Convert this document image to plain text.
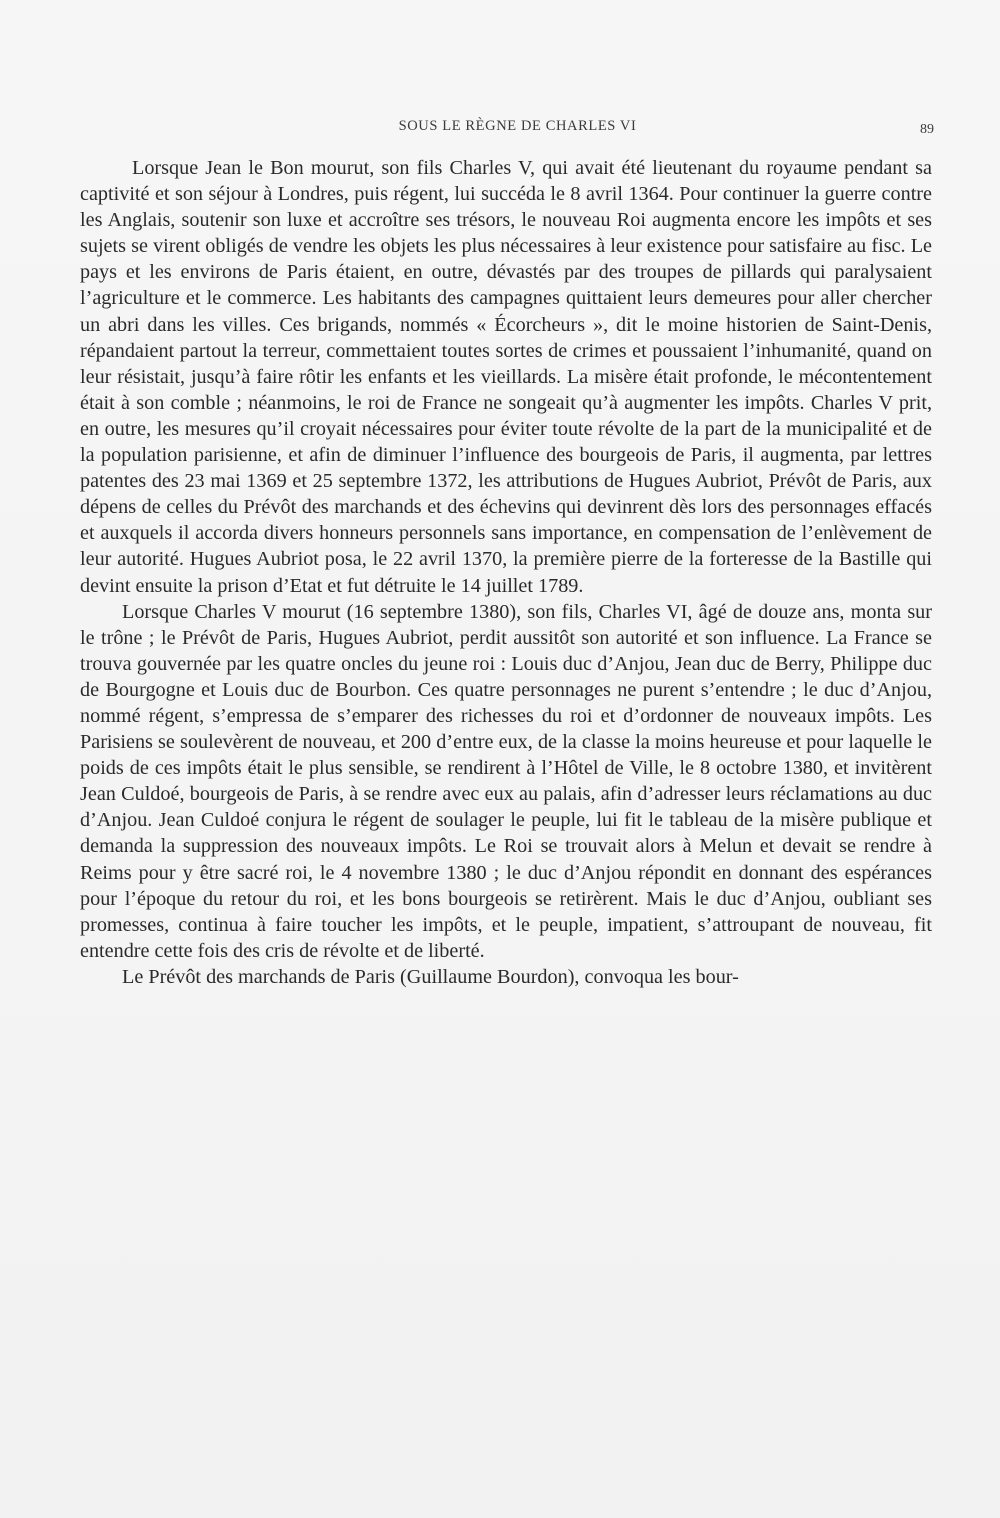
SOUS LE RÈGNE DE CHARLES VI	89

Lorsque Jean le Bon mourut, son fils Charles V, qui avait été lieutenant du royaume pendant sa captivité et son séjour à Londres, puis régent, lui succéda le 8 avril 1364. Pour continuer la guerre contre les Anglais, soutenir son luxe et accroître ses trésors, le nouveau Roi augmenta encore les impôts et ses sujets se virent obligés de vendre les objets les plus nécessaires à leur existence pour satisfaire au fisc. Le pays et les environs de Paris étaient, en outre, dévastés par des troupes de pillards qui paralysaient l’agriculture et le commerce. Les habitants des campagnes quittaient leurs demeures pour aller chercher un abri dans les villes. Ces brigands, nommés « Écorcheurs », dit le moine historien de Saint-Denis, répandaient partout la terreur, commettaient toutes sortes de crimes et poussaient l’inhumanité, quand on leur résistait, jusqu’à faire rôtir les enfants et les vieillards. La misère était profonde, le mécontentement était à son comble ; néanmoins, le roi de France ne songeait qu’à augmenter les impôts. Charles V prit, en outre, les mesures qu’il croyait nécessaires pour éviter toute révolte de la part de la municipalité et de la population parisienne, et afin de diminuer l’influence des bourgeois de Paris, il augmenta, par lettres patentes des 23 mai 1369 et 25 septembre 1372, les attributions de Hugues Aubriot, Prévôt de Paris, aux dépens de celles du Prévôt des marchands et des échevins qui devinrent dès lors des personnages effacés et auxquels il accorda divers honneurs personnels sans importance, en compensation de l’enlèvement de leur autorité. Hugues Aubriot posa, le 22 avril 1370, la première pierre de la forteresse de la Bastille qui devint ensuite la prison d’Etat et fut détruite le 14 juillet 1789.

Lorsque Charles V mourut (16 septembre 1380), son fils, Charles VI, âgé de douze ans, monta sur le trône ; le Prévôt de Paris, Hugues Aubriot, perdit aussitôt son autorité et son influence. La France se trouva gouvernée par les quatre oncles du jeune roi : Louis duc d’Anjou, Jean duc de Berry, Philippe duc de Bourgogne et Louis duc de Bourbon. Ces quatre personnages ne purent s’entendre ; le duc d’Anjou, nommé régent, s’empressa de s’emparer des richesses du roi et d’ordonner de nouveaux impôts. Les Parisiens se soulevèrent de nouveau, et 200 d’entre eux, de la classe la moins heureuse et pour laquelle le poids de ces impôts était le plus sensible, se rendirent à l’Hôtel de Ville, le 8 octobre 1380, et invitèrent Jean Culdoé, bourgeois de Paris, à se rendre avec eux au palais, afin d’adresser leurs réclamations au duc d’Anjou. Jean Culdoé conjura le régent de soulager le peuple, lui fit le tableau de la misère publique et demanda la suppression des nouveaux impôts. Le Roi se trouvait alors à Melun et devait se rendre à Reims pour y être sacré roi, le 4 novembre 1380 ; le duc d’Anjou répondit en donnant des espérances pour l’époque du retour du roi, et les bons bourgeois se retirèrent. Mais le duc d’Anjou, oubliant ses promesses, continua à faire toucher les impôts, et le peuple, impatient, s’attroupant de nouveau, fit entendre cette fois des cris de révolte et de liberté.

Le Prévôt des marchands de Paris (Guillaume Bourdon), convoqua les bour-
